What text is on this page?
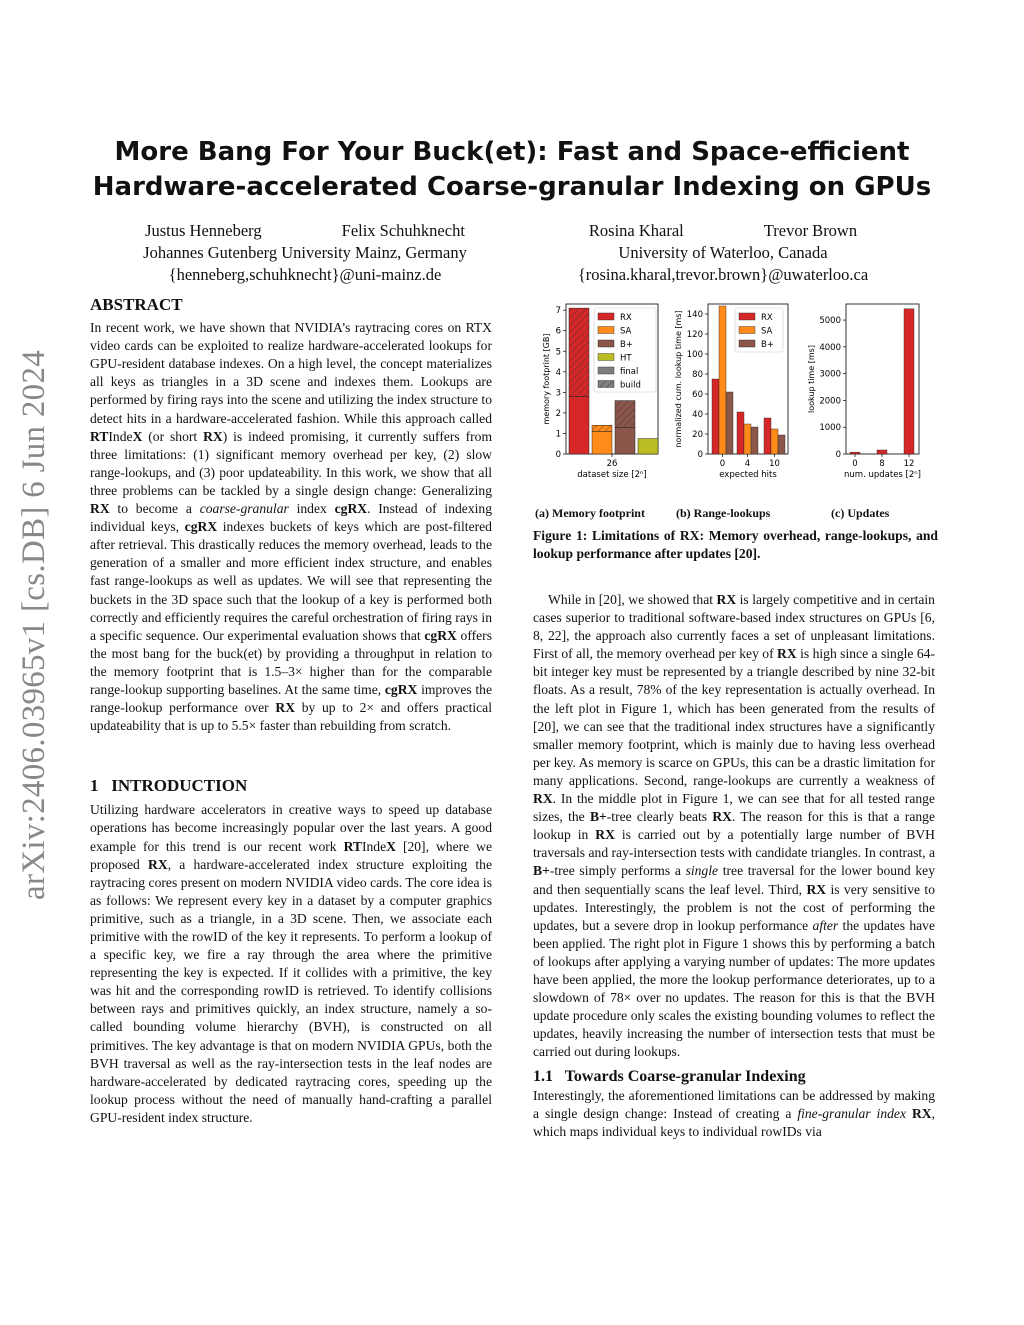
arXiv:2406.03965v1 [cs.DB] 6 Jun 2024
More Bang For Your Buck(et): Fast and Space-efficient
Hardware-accelerated Coarse-granular Indexing on GPUs
Justus Henneberg	Felix Schuhknecht
Johannes Gutenberg University Mainz, Germany
{henneberg,schuhknecht}@uni-mainz.de
Rosina Kharal	Trevor Brown
University of Waterloo, Canada
{rosina.kharal,trevor.brown}@uwaterloo.ca
ABSTRACT

In recent work, we have shown that NVIDIA’s raytracing cores on RTX video cards can be exploited to realize hardware-accelerated lookups for GPU-resident database indexes. On a high level, the concept materializes all keys as triangles in a 3D scene and indexes them. Lookups are performed by firing rays into the scene and utilizing the index structure to detect hits in a hardware-accelerated fashion. While this approach called RTIndeX (or short RX) is indeed promising, it currently suffers from three limitations: (1) significant memory overhead per key, (2) slow range-lookups, and (3) poor updateability. In this work, we show that all three problems can be tackled by a single design change: Generalizing RX to become a coarse-granular index cgRX. Instead of indexing individual keys, cgRX indexes buckets of keys which are post-filtered after retrieval. This drastically reduces the memory overhead, leads to the generation of a smaller and more efficient index structure, and enables fast range-lookups as well as updates. We will see that representing the buckets in the 3D space such that the lookup of a key is performed both correctly and efficiently requires the careful orchestration of firing rays in a specific sequence. Our experimental evaluation shows that cgRX offers the most bang for the buck(et) by providing a throughput in relation to the memory footprint that is 1.5–3× higher than for the comparable range-lookup supporting baselines. At the same time, cgRX improves the range-lookup performance over RX by up to 2× and offers practical updateability that is up to 5.5× faster than rebuilding from scratch.

1   INTRODUCTION

Utilizing hardware accelerators in creative ways to speed up database operations has become increasingly popular over the last years. A good example for this trend is our recent work RTIndeX [20], where we proposed RX, a hardware-accelerated index structure exploiting the raytracing cores present on modern NVIDIA video cards. The core idea is as follows: We represent every key in a dataset by a computer graphics primitive, such as a triangle, in a 3D scene. Then, we associate each primitive with the rowID of the key it represents. To perform a lookup of a specific key, we fire a ray through the area where the primitive representing the key is expected. If it collides with a primitive, the key was hit and the corresponding rowID is retrieved. To identify collisions between rays and primitives quickly, an index structure, namely a so-called bounding volume hierarchy (BVH), is constructed on all primitives. The key advantage is that on modern NVIDIA GPUs, both the BVH traversal as well as the ray-intersection tests in the leaf nodes are hardware-accelerated by dedicated raytracing cores, speeding up the lookup process without the need of manually hand-crafting a parallel GPU-resident index structure.

0
1
2
3
4
5
6
7
memory footprint [GB]
dataset size [2ⁿ]
26
RX
SA
B+
HT
final
build
0
20
40
60
80
100
120
140
normalized cum. lookup time [ms]
expected hits
0 4 10
RX
SA
B+
0
1000
2000
3000
4000
5000
lookup time [ms]
num. updates [2ⁿ]
0	8 12
(a) Memory footprint	(b) Range-lookups	(c) Updates
Figure 1: Limitations of RX: Memory overhead, range-lookups, and lookup performance after updates [20].

While in [20], we showed that RX is largely competitive and in certain cases superior to traditional software-based index structures on GPUs [6, 8, 22], the approach also currently faces a set of unpleasant limitations. First of all, the memory overhead per key of RX is high since a single 64-bit integer key must be represented by a triangle described by nine 32-bit floats. As a result, 78% of the key representation is actually overhead. In the left plot in Figure 1, which has been generated from the results of [20], we can see that the traditional index structures have a significantly smaller memory footprint, which is mainly due to having less overhead per key. As memory is scarce on GPUs, this can be a drastic limitation for many applications. Second, range-lookups are currently a weakness of RX. In the middle plot in Figure 1, we can see that for all tested range sizes, the B+-tree clearly beats RX. The reason for this is that a range lookup in RX is carried out by a potentially large number of BVH traversals and ray-intersection tests with candidate triangles. In contrast, a B+-tree simply performs a single tree traversal for the lower bound key and then sequentially scans the leaf level. Third, RX is very sensitive to updates. Interestingly, the problem is not the cost of performing the updates, but a severe drop in lookup performance after the updates have been applied. The right plot in Figure 1 shows this by performing a batch of lookups after applying a varying number of updates: The more updates have been applied, the more the lookup performance deteriorates, up to a slowdown of 78× over no updates. The reason for this is that the BVH update procedure only scales the existing bounding volumes to reflect the updates, heavily increasing the number of intersection tests that must be carried out during lookups.

1.1   Towards Coarse-granular Indexing

Interestingly, the aforementioned limitations can be addressed by making a single design change: Instead of creating a fine-granular index RX, which maps individual keys to individual rowIDs via
